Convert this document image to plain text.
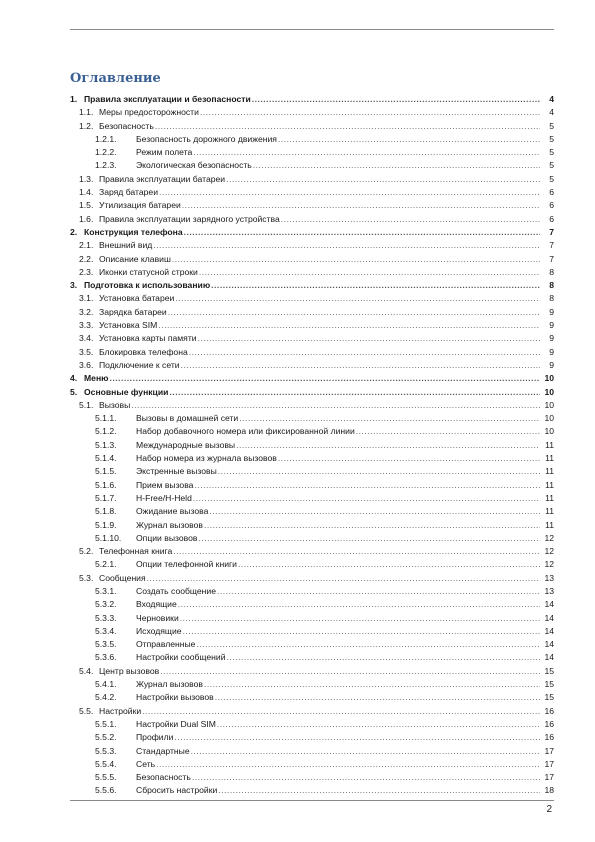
Оглавление
1. Правила эксплуатации и безопасности .....	4
1.1. Меры предосторожности .....	4
1.2. Безопасность .....	5
1.2.1. Безопасность дорожного движения .....	5
1.2.2. Режим полета .....	5
1.2.3. Экологическая безопасность .....	5
1.3. Правила эксплуатации батареи .....	5
1.4. Заряд батареи .....	6
1.5. Утилизация батареи .....	6
1.6. Правила эксплуатации зарядного устройства .....	6
2. Конструкция телефона .....	7
2.1. Внешний вид .....	7
2.2. Описание клавиш .....	7
2.3. Иконки статусной строки .....	8
3. Подготовка к использованию .....	8
3.1. Установка батареи .....	8
3.2. Зарядка батареи .....	9
3.3. Установка SIM .....	9
3.4. Установка карты памяти .....	9
3.5. Блокировка телефона .....	9
3.6. Подключение к сети .....	9
4. Меню .....	10
5. Основные функции .....	10
5.1. Вызовы .....	10
5.1.1. Вызовы в домашней сети .....	10
5.1.2. Набор добавочного номера или фиксированной линии .....	10
5.1.3. Международные вызовы .....	11
5.1.4. Набор номера из журнала вызовов .....	11
5.1.5. Экстренные вызовы .....	11
5.1.6. Прием вызова .....	11
5.1.7. H-Free/H-Held .....	11
5.1.8. Ожидание вызова .....	11
5.1.9. Журнал вызовов .....	11
5.1.10. Опции вызовов .....	12
5.2. Телефонная книга .....	12
5.2.1. Опции телефонной книги .....	12
5.3. Сообщения .....	13
5.3.1. Создать сообщение .....	13
5.3.2. Входящие .....	14
5.3.3. Черновики .....	14
5.3.4. Исходящие .....	14
5.3.5. Отправленные .....	14
5.3.6. Настройки сообщений .....	14
5.4. Центр вызовов .....	15
5.4.1. Журнал вызовов .....	15
5.4.2. Настройки вызовов .....	15
5.5. Настройки .....	16
5.5.1. Настройки Dual SIM .....	16
5.5.2. Профили .....	16
5.5.3. Стандартные .....	17
5.5.4. Сеть .....	17
5.5.5. Безопасность .....	17
5.5.6. Сбросить настройки .....	18
2
